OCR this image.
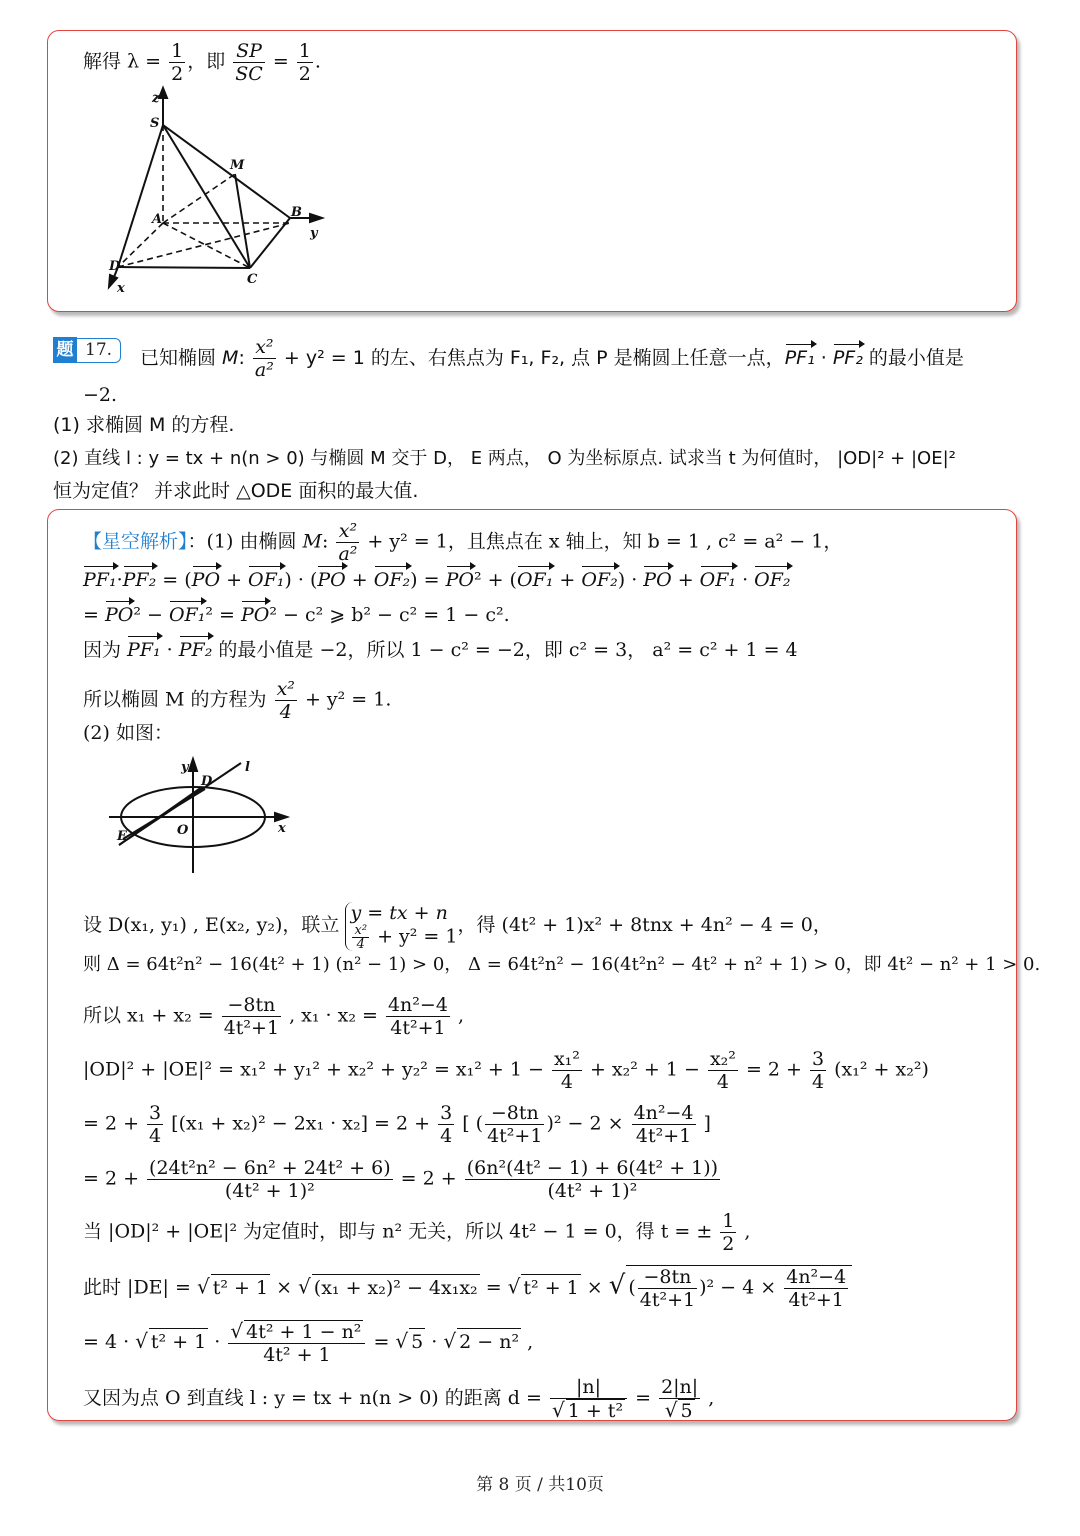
解得 $\lambda = \frac{1}{2}$ ，即 $\frac{SP}{SC} = \frac{1}{2}$ .
z
S
M
A	B
y
D
C
x
题 17.	已知椭圆 M: $\frac{\text{x²}}{\text{a²}} + y^2 = 1$ 的左、右焦点为 F₁, F₂, 点 P 是椭圆上任意一点，PF₁ · PF₂ 的最小值是
−2.
(1) 求椭圆 M 的方程.
(2) 直线 l : y = tx + n(n > 0) 与椭圆 M 交于 D， E 两点， O 为坐标原点. 试求当 t 为何值时， |OD|² + |OE|²
恒为定值？ 并求此时 △ODE 面积的最大值.
【星空解析】：(1) 由椭圆 M: $\frac{\text{x²}}{\text{a²}} + y^2 = 1$，且焦点在 x 轴上，知 b = 1 , c² = a² − 1，
PF₁·PF₂ = (PO + OF₁) · (PO + OF₂) = PO² + (OF₁ + OF₂) · PO + OF₁ · OF₂
= PO² − OF₁² = PO² − c² ⩾ b² − c² = 1 − c².
因为 PF₁ · PF₂ 的最小值是 −2，所以 1 − c² = −2，即 c² = 3， a² = c² + 1 = 4
所以椭圆 M 的方程为 $\frac{\text{x²}}{4} + y^2 = 1$.
(2) 如图：
y
D
l
E	O	x
设 D(x₁, y₁) , E(x₂, y₂)，联立
y = tx + n
$\frac{\text{x²}}{4} + y^2 = 1$ ，得 (4t² + 1)x² + 8tnx + 4n² − 4 = 0，
则 Δ = 64t²n² − 16(4t² + 1) (n² − 1) > 0， Δ = 64t²n² − 16(4t²n² − 4t² + n² + 1) > 0，即 4t² − n² + 1 > 0.
所以 $x_1 + x_2 = \frac{-8tn}{\text{4t²+1}}$ , $x_1 \cdot x_2 = \frac{\text{4n²−4}}{\text{4t²+1}}$ ,
$|OD|^2 + |OE|^2 = x_1^2 + y_1^2 + x_2^2 + y_2^2 = x_1^2 + 1 - \frac{\text{x₁²}}{4} + x_2^2 + 1 - \frac{\text{x₂²}}{4} = 2 + \frac{3}{4} (x_1^2 + x_2^2)$
= $2 + \frac{3}{4} [(x_1 + x_2)^2 - 2x_1 \cdot x_2] = 2 + \frac{3}{4}$ [ ( $\frac{-8tn}{\text{4t²+1}} )^2 - 2 \times \frac{\text{4n²−4}}{\text{4t²+1}}$ ]
= $2 + \frac{\text{(24t²n² − 6n² + 24t² + 6)}}{\text{(4t² + 1)²}} = 2 + \frac{\text{(6n²(4t² − 1) + 6(4t² + 1))}}{\text{(4t² + 1)²}}$
当 |OD|² + |OE|² 为定值时，即与 n² 无关，所以 4t² − 1 = 0，得 t = ± $\frac{1}{2}$ ,
此时 |DE| = √ t² + 1 × √ (x₁ + x₂)² − 4x₁x₂ = √ t² + 1 × √ ( $\frac{-8tn}{\text{4t²+1}} )^2 - 4 \times \frac{\text{4n²−4}}{\text{4t²+1}}$
= 4 · √ $t^2 + 1 \cdot \frac{\text{√ 4t² + 1 − n²}}{\text{4t² + 1}}$ = √ 5 · √ 2 − n² ,
又因为点 O 到直线 l : y = tx + n(n > 0) 的距离 $d = \frac{|n|}{\text{√ 1 + t²}} = \frac{2|n|}{√ 5}$ ,
第 8 页 / 共10页
